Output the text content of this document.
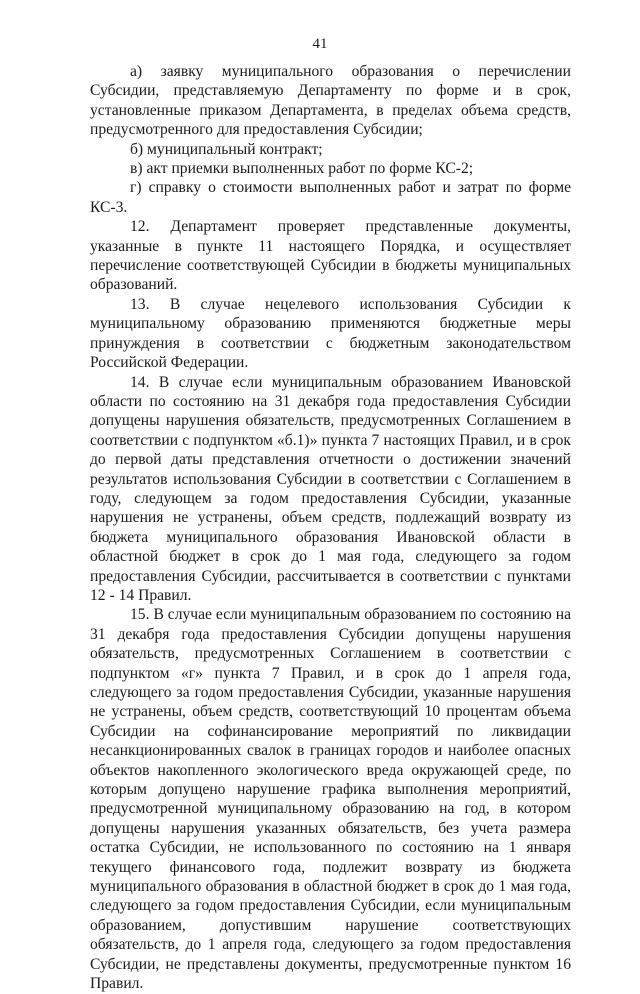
41

а) заявку муниципального образования о перечислении Субсидии, представляемую Департаменту по форме и в срок, установленные приказом Департамента, в пределах объема средств, предусмотренного для предоставления Субсидии;

б) муниципальный контракт;

в) акт приемки выполненных работ по форме КС-2;

г) справку о стоимости выполненных работ и затрат по форме КС-3.

12. Департамент проверяет представленные документы, указанные в пункте 11 настоящего Порядка, и осуществляет перечисление соответствующей Субсидии в бюджеты муниципальных образований.

13. В случае нецелевого использования Субсидии к муниципальному образованию применяются бюджетные меры принуждения в соответствии с бюджетным законодательством Российской Федерации.

14. В случае если муниципальным образованием Ивановской области по состоянию на 31 декабря года предоставления Субсидии допущены нарушения обязательств, предусмотренных Соглашением в соответствии с подпунктом «б.1)» пункта 7 настоящих Правил, и в срок до первой даты представления отчетности о достижении значений результатов использования Субсидии в соответствии с Соглашением в году, следующем за годом предоставления Субсидии, указанные нарушения не устранены, объем средств, подлежащий возврату из бюджета муниципального образования Ивановской области в областной бюджет в срок до 1 мая года, следующего за годом предоставления Субсидии, рассчитывается в соответствии с пунктами 12 - 14 Правил.

15. В случае если муниципальным образованием по состоянию на 31 декабря года предоставления Субсидии допущены нарушения обязательств, предусмотренных Соглашением в соответствии с подпунктом «г» пункта 7 Правил, и в срок до 1 апреля года, следующего за годом предоставления Субсидии, указанные нарушения не устранены, объем средств, соответствующий 10 процентам объема Субсидии на софинансирование мероприятий по ликвидации несанкционированных свалок в границах городов и наиболее опасных объектов накопленного экологического вреда окружающей среде, по которым допущено нарушение графика выполнения мероприятий, предусмотренной муниципальному образованию на год, в котором допущены нарушения указанных обязательств, без учета размера остатка Субсидии, не использованного по состоянию на 1 января текущего финансового года, подлежит возврату из бюджета муниципального образования в областной бюджет в срок до 1 мая года, следующего за годом предоставления Субсидии, если муниципальным образованием, допустившим нарушение соответствующих обязательств, до 1 апреля года, следующего за годом предоставления Субсидии, не представлены документы, предусмотренные пунктом 16 Правил.
